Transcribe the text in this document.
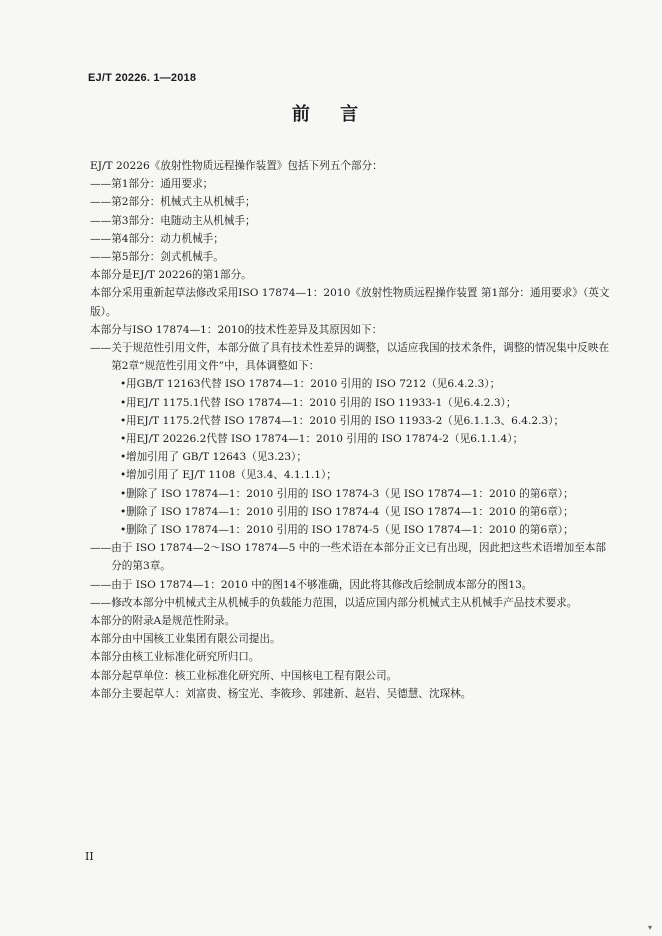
EJ/T 20226. 1—2018
前 言

EJ/T 20226《放射性物质远程操作装置》包括下列五个部分：

—— 第1部分：通用要求；
—— 第2部分：机械式主从机械手；
—— 第3部分：电随动主从机械手；
—— 第4部分：动力机械手；
—— 第5部分：剑式机械手。

本部分是EJ/T 20226的第1部分。

本部分采用重新起草法修改采用ISO 17874—1：2010《放射性物质远程操作装置 第1部分：通用要求》（英文版）。

本部分与ISO 17874—1：2010的技术性差异及其原因如下：

—— 关于规范性引用文件，本部分做了具有技术性差异的调整，以适应我国的技术条件，调整的情况集中反映在第2章“规范性引用文件”中，具体调整如下：
•用GB/T 12163代替 ISO 17874—1：2010 引用的 ISO 7212（见6.4.2.3）；
•用EJ/T 1175.1代替 ISO 17874—1：2010 引用的 ISO 11933-1（见6.4.2.3）；
•用EJ/T 1175.2代替 ISO 17874—1：2010 引用的 ISO 11933-2（见6.1.1.3、6.4.2.3）；
•用EJ/T 20226.2代替 ISO 17874—1：2010 引用的 ISO 17874-2（见6.1.1.4）；
•增加引用了 GB/T 12643（见3.23）；
•增加引用了 EJ/T 1108（见3.4、4.1.1.1）；
•删除了 ISO 17874—1：2010 引用的 ISO 17874-3（见 ISO 17874—1：2010 的第6章）；
•删除了 ISO 17874—1：2010 引用的 ISO 17874-4（见 ISO 17874—1：2010 的第6章）；
•删除了 ISO 17874—1：2010 引用的 ISO 17874-5（见 ISO 17874—1：2010 的第6章）；
—— 由于 ISO 17874—2～ISO 17874—5 中的一些术语在本部分正文已有出现，因此把这些术语增加至本部分的第3章。
—— 由于 ISO 17874—1：2010 中的图14不够准确，因此将其修改后绘制成本部分的图13。
—— 修改本部分中机械式主从机械手的负载能力范围，以适应国内部分机械式主从机械手产品技术要求。

本部分的附录A是规范性附录。

本部分由中国核工业集团有限公司提出。

本部分由核工业标准化研究所归口。

本部分起草单位：核工业标准化研究所、中国核电工程有限公司。

本部分主要起草人：刘富贵、杨宝光、李筱珍、郭建新、赵岩、吴德慧、沈琛林。

II
▾
